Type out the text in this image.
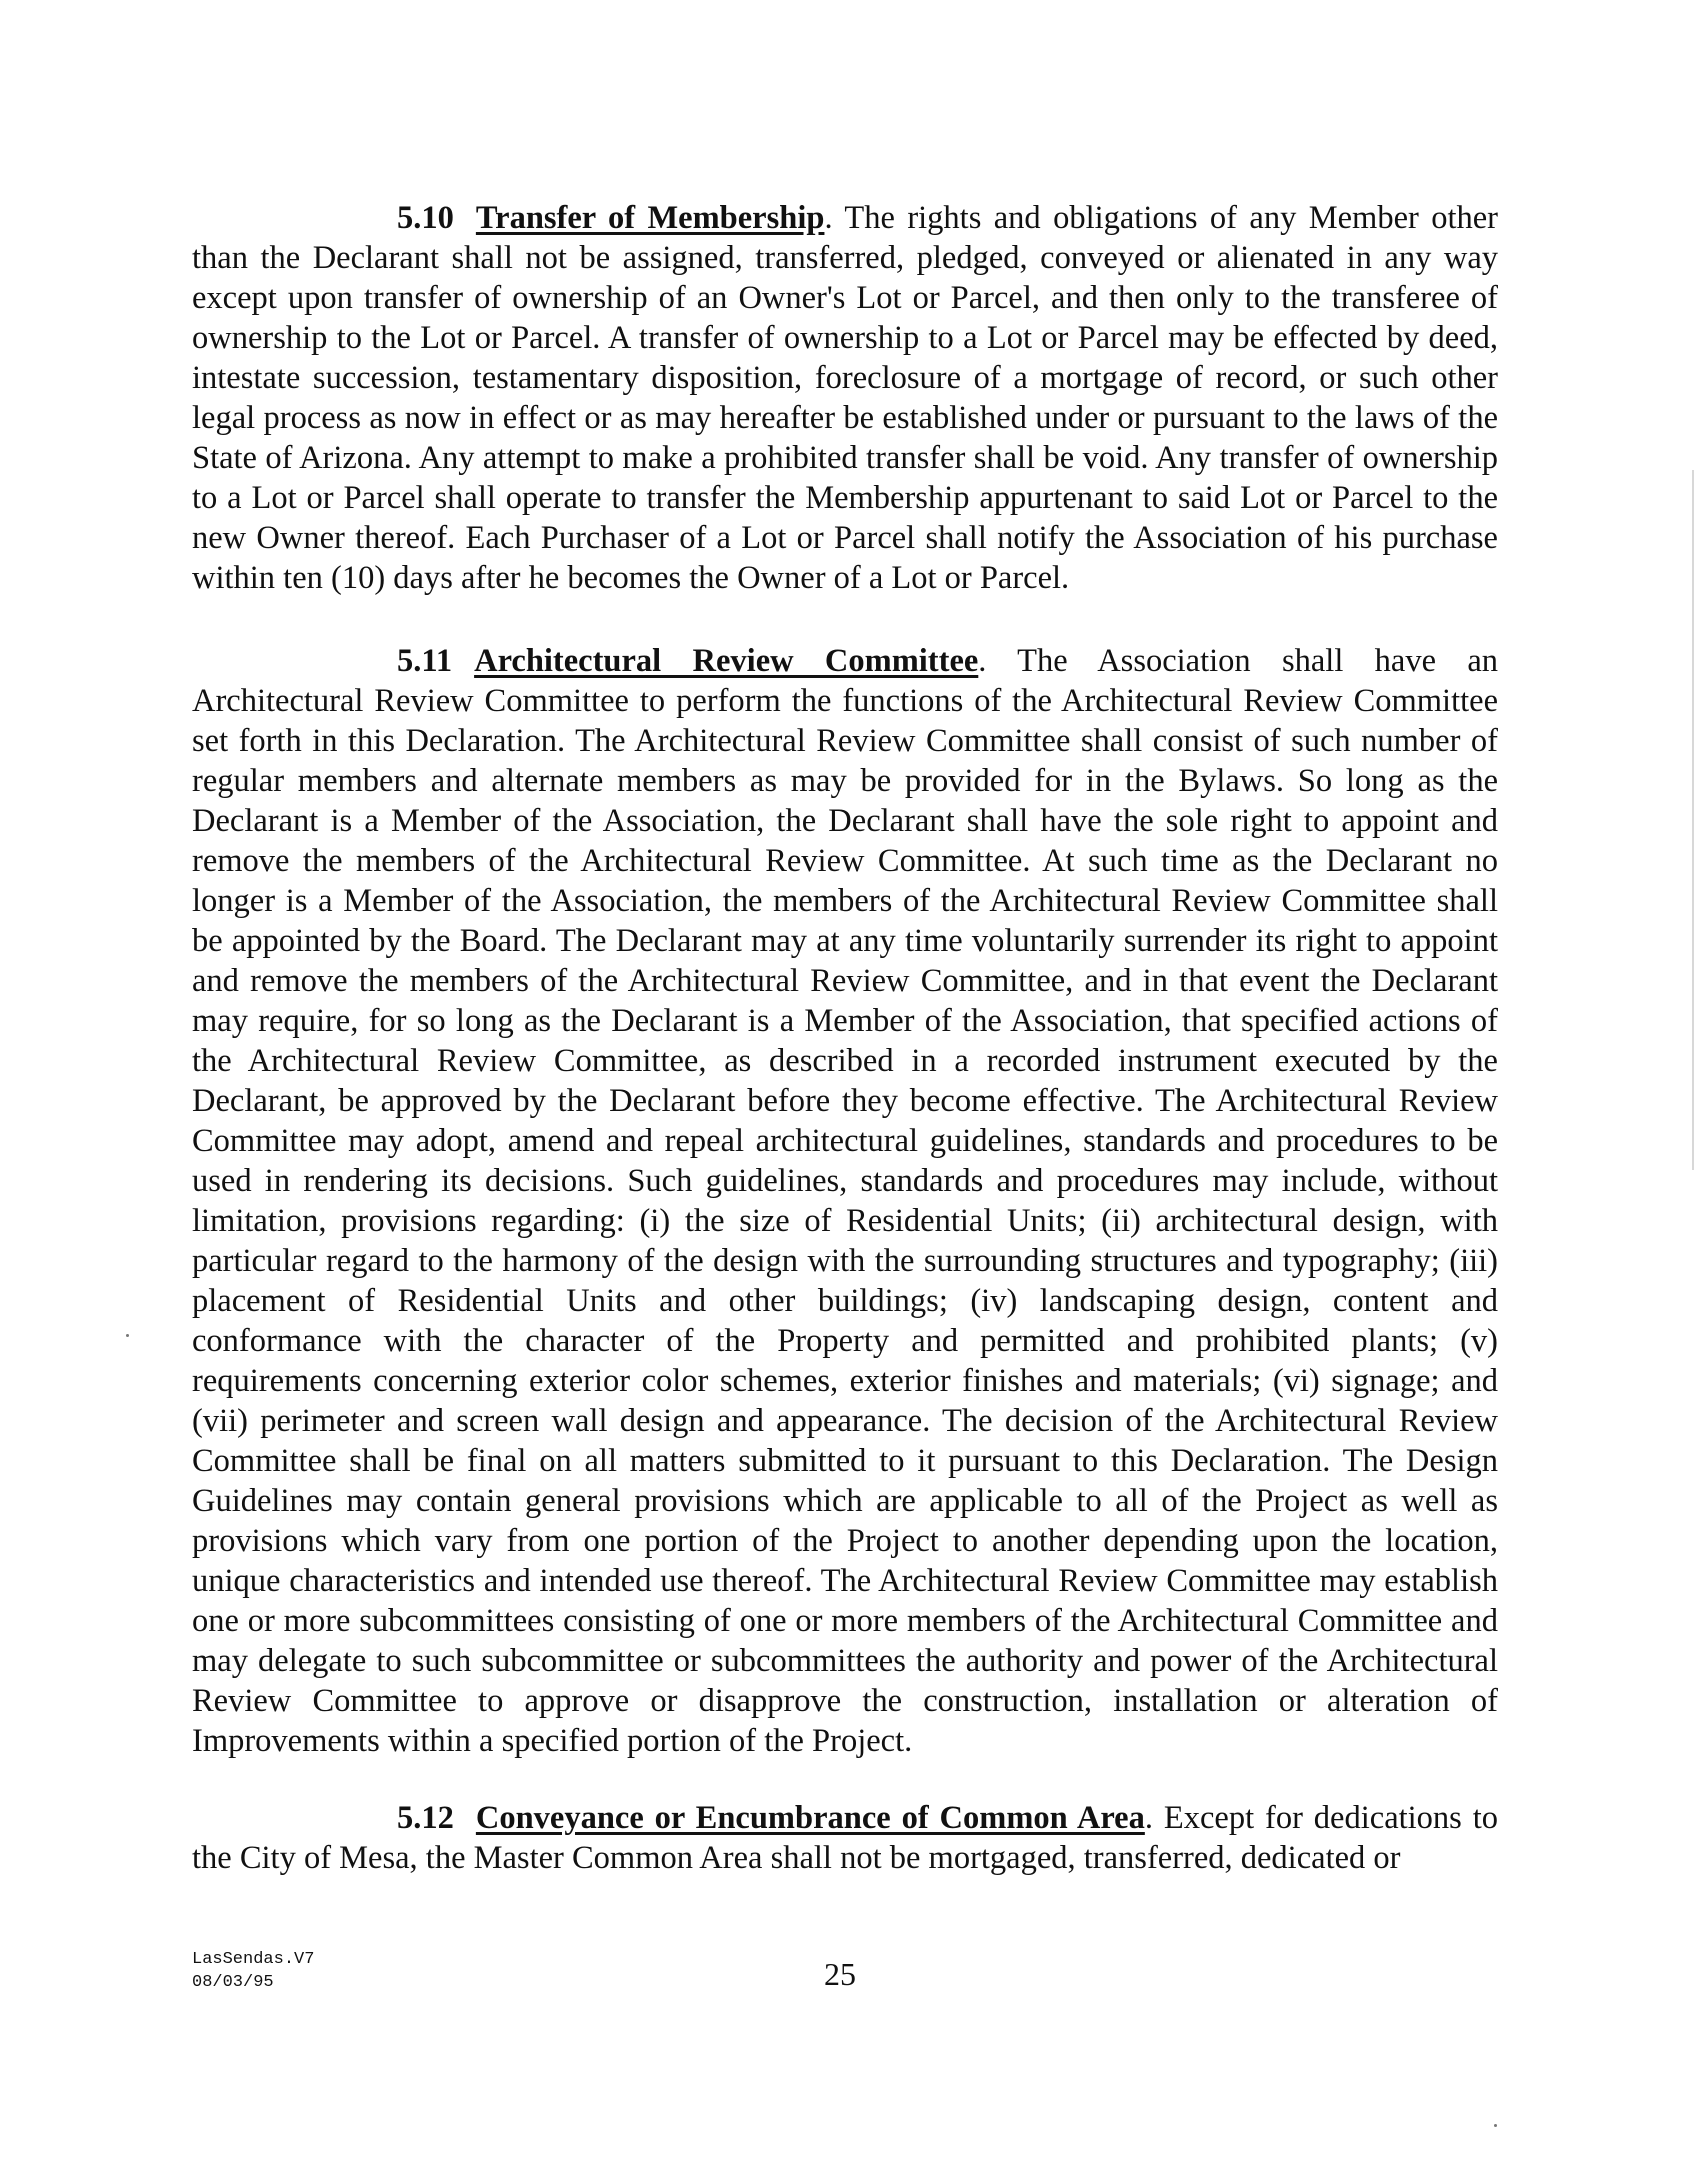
5.10 Transfer of Membership. The rights and obligations of any Member other than the Declarant shall not be assigned, transferred, pledged, conveyed or alienated in any way except upon transfer of ownership of an Owner's Lot or Parcel, and then only to the transferee of ownership to the Lot or Parcel. A transfer of ownership to a Lot or Parcel may be effected by deed, intestate succession, testamentary disposition, foreclosure of a mortgage of record, or such other legal process as now in effect or as may hereafter be established under or pursuant to the laws of the State of Arizona. Any attempt to make a prohibited transfer shall be void. Any transfer of ownership to a Lot or Parcel shall operate to transfer the Membership appurtenant to said Lot or Parcel to the new Owner thereof. Each Purchaser of a Lot or Parcel shall notify the Association of his purchase within ten (10) days after he becomes the Owner of a Lot or Parcel.

5.11 Architectural Review Committee. The Association shall have an Architectural Review Committee to perform the functions of the Architectural Review Committee set forth in this Declaration. The Architectural Review Committee shall consist of such number of regular members and alternate members as may be provided for in the Bylaws. So long as the Declarant is a Member of the Association, the Declarant shall have the sole right to appoint and remove the members of the Architectural Review Committee. At such time as the Declarant no longer is a Member of the Association, the members of the Architectural Review Committee shall be appointed by the Board. The Declarant may at any time voluntarily surrender its right to appoint and remove the members of the Architectural Review Committee, and in that event the Declarant may require, for so long as the Declarant is a Member of the Association, that specified actions of the Architectural Review Committee, as described in a recorded instrument executed by the Declarant, be approved by the Declarant before they become effective. The Architectural Review Committee may adopt, amend and repeal architectural guidelines, standards and procedures to be used in rendering its decisions. Such guidelines, standards and procedures may include, without limitation, provisions regarding: (i) the size of Residential Units; (ii) architectural design, with particular regard to the harmony of the design with the surrounding structures and typography; (iii) placement of Residential Units and other buildings; (iv) landscaping design, content and conformance with the character of the Property and permitted and prohibited plants; (v) requirements concerning exterior color schemes, exterior finishes and materials; (vi) signage; and (vii) perimeter and screen wall design and appearance. The decision of the Architectural Review Committee shall be final on all matters submitted to it pursuant to this Declaration. The Design Guidelines may contain general provisions which are applicable to all of the Project as well as provisions which vary from one portion of the Project to another depending upon the location, unique characteristics and intended use thereof. The Architectural Review Committee may establish one or more subcommittees consisting of one or more members of the Architectural Committee and may delegate to such subcommittee or subcommittees the authority and power of the Architectural Review Committee to approve or disapprove the construction, installation or alteration of Improvements within a specified portion of the Project.

5.12 Conveyance or Encumbrance of Common Area. Except for dedications to the City of Mesa, the Master Common Area shall not be mortgaged, transferred, dedicated or

LasSendas.V7
08/03/95	25
